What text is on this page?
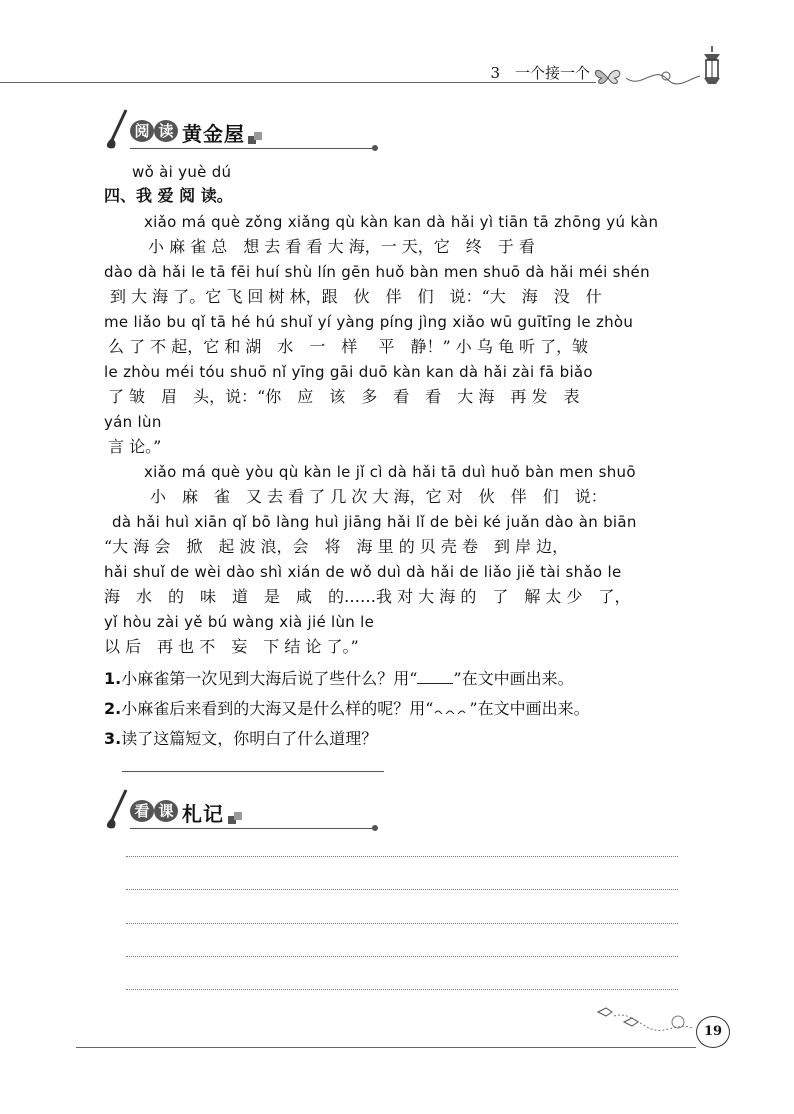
3　一个接一个
阅 读 黄金屋
wǒ ài yuè dú
四、我 爱 阅 读。
xiǎo má què zǒng xiǎng qù kàn kan dà hǎi yì tiān tā zhōng yú kàn
小 麻 雀 总　想 去 看 看 大 海，一 天，它　终　于 看
dào dà hǎi le tā fēi huí shù lín gēn huǒ bàn men shuō dà hǎi méi shén
到 大 海 了。它 飞 回 树 林，跟　伙　伴　们　说：“大　海　没　什
me liǎo bu qǐ tā hé hú shuǐ yí yàng píng jìng xiǎo wū guītīng le zhòu
么 了 不 起，它 和 湖　水　一　样　 平　静！” 小 乌 龟 听 了，皱
le zhòu méi tóu shuō nǐ yīng gāi duō kàn kan dà hǎi zài fā biǎo
了 皱　眉　头，说：“你　应　该　多　看　看　大 海　再 发　表
yán lùn
言 论。”
xiǎo má què yòu qù kàn le jǐ cì dà hǎi tā duì huǒ bàn men shuō
小　麻　雀　又 去 看 了 几 次 大 海，它 对　伙　伴　们　说：
dà hǎi huì xiān qǐ bō làng huì jiāng hǎi lǐ de bèi ké juǎn dào àn biān
“大 海 会　掀　起 波 浪，会　将　海 里 的 贝 壳 卷　到 岸 边，
hǎi shuǐ de wèi dào shì xián de wǒ duì dà hǎi de liǎo jiě tài shǎo le
海　水　的　味　道　是　咸　的……我 对 大 海 的　了　解 太 少　了，
yǐ hòu zài yě bú wàng xià jié lùn le
以 后　再 也 不　妄　下 结 论 了。”
1.小麻雀第一次见到大海后说了些什么？用“ ”在文中画出来。
2.小麻雀后来看到的大海又是什么样的呢？用“ ”在文中画出来。
3.读了这篇短文，你明白了什么道理？
看 课 札记
19
